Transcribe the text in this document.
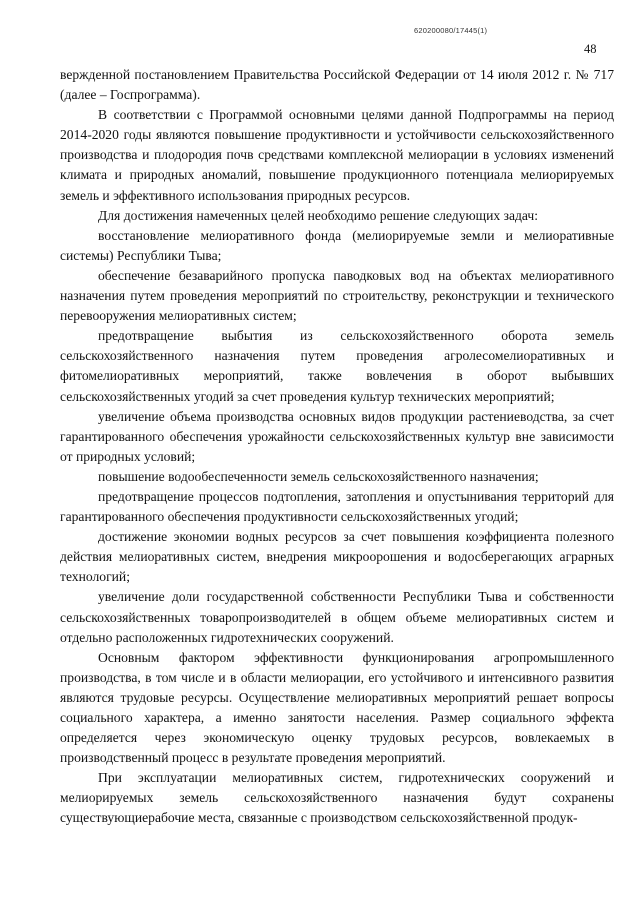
620200080/17445(1)
48

вержденной постановлением Правительства Российской Федерации от 14 июля 2012 г. № 717 (далее – Госпрограмма).

В соответствии с Программой основными целями данной Подпрограммы на период 2014-2020 годы являются повышение продуктивности и устойчивости сельскохозяйственного производства и плодородия почв средствами комплексной мелиорации в условиях изменений климата и природных аномалий, повышение продукционного потенциала мелиорируемых земель и эффективного использования природных ресурсов.

Для достижения намеченных целей необходимо решение следующих задач:

восстановление мелиоративного фонда (мелиорируемые земли и мелиоративные системы) Республики Тыва;

обеспечение безаварийного пропуска паводковых вод на объектах мелиоративного назначения путем проведения мероприятий по строительству, реконструкции и технического перевооружения мелиоративных систем;

предотвращение выбытия из сельскохозяйственного оборота земель сельскохозяйственного назначения путем проведения агролесомелиоративных и фитомелиоративных мероприятий, также вовлечения в оборот выбывших сельскохозяйственных угодий за счет проведения культур технических мероприятий;

увеличение объема производства основных видов продукции растениеводства, за счет гарантированного обеспечения урожайности сельскохозяйственных культур вне зависимости от природных условий;

повышение водообеспеченности земель сельскохозяйственного назначения;

предотвращение процессов подтопления, затопления и опустынивания территорий для гарантированного обеспечения продуктивности сельскохозяйственных угодий;

достижение экономии водных ресурсов за счет повышения коэффициента полезного действия мелиоративных систем, внедрения микроорошения и водосберегающих аграрных технологий;

увеличение доли государственной собственности Республики Тыва и собственности сельскохозяйственных товаропроизводителей в общем объеме мелиоративных систем и отдельно расположенных гидротехнических сооружений.

Основным фактором эффективности функционирования агропромышленного производства, в том числе и в области мелиорации, его устойчивого и интенсивного развития являются трудовые ресурсы. Осуществление мелиоративных мероприятий решает вопросы социального характера, а именно занятости населения. Размер социального эффекта определяется через экономическую оценку трудовых ресурсов, вовлекаемых в производственный процесс в результате проведения мероприятий.

При эксплуатации мелиоративных систем, гидротехнических сооружений и мелиорируемых земель сельскохозяйственного назначения будут сохранены существующиерабочие места, связанные с производством сельскохозяйственной продук-
